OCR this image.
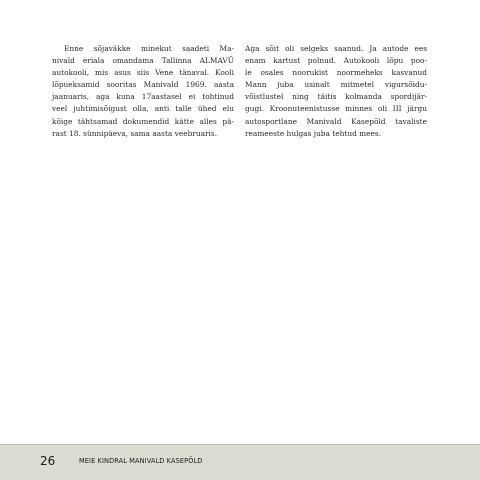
Enne sõjaväkke minekut saadeti Ma-
nivald eriala omandama Tallinna ALMAVÜ
autokooli, mis asus siis Vene tänaval. Kooli
lõpueksamid sooritas Manivald 1969. aasta
jaanuaris, aga kuna 17aastasel ei tohtinud
veel juhtimisõigust olla, anti talle ühed elu
kõige tähtsamad dokumendid kätte alles pä-
rast 18. sünnipäeva, sama aasta veebruaris.
Aga sõit oli selgeks saanud. Ja autode ees
enam kartust polnud. Autokooli lõpu poo-
le osales noorukist noormeheks kasvanud
Mann juba usinalt mitmetel vigursõidu-
võistlustel ning täitis kolmanda spordijär-
gugi. Kroonuteenistusse minnes oli III järgu
autosportlane Manivald Kasepõld tavaliste
reameeste hulgas juba tehtud mees.
26	MEIE KINDRAL MANIVALD KASEPÕLD
